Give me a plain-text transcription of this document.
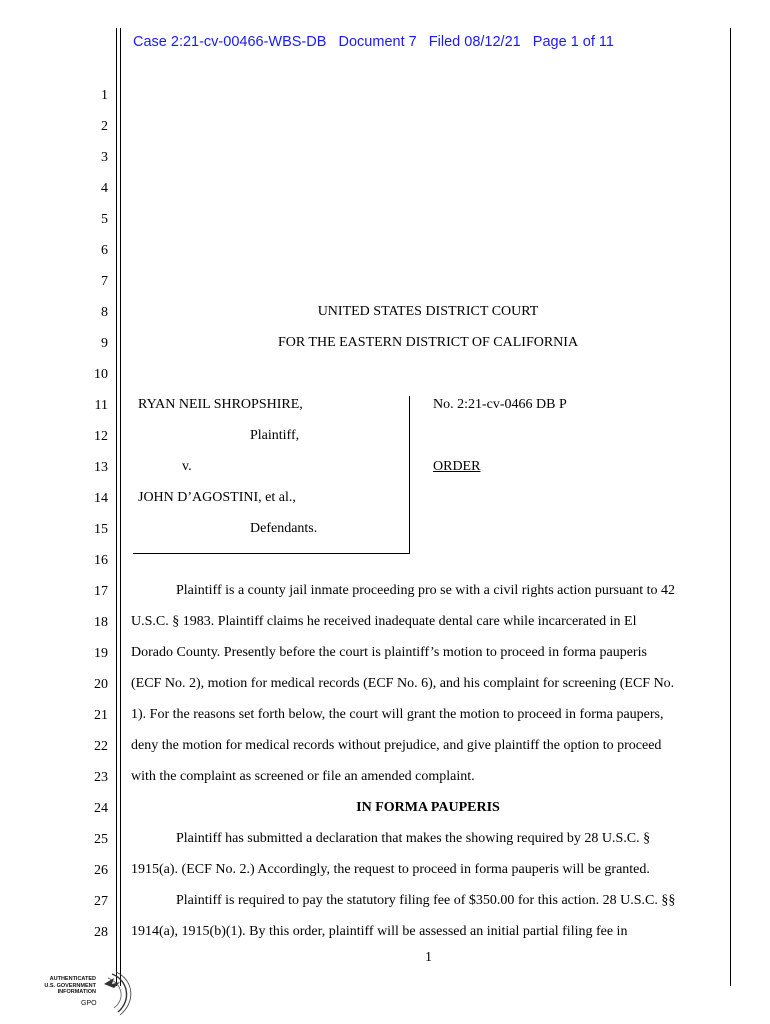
Case 2:21-cv-00466-WBS-DB Document 7 Filed 08/12/21 Page 1 of 11
1
2
3
4
5
6
7
8
9
10
11
12
13
14
15
16
17
18
19
20
21
22
23
24
25
26
27
28
UNITED STATES DISTRICT COURT
FOR THE EASTERN DISTRICT OF CALIFORNIA
RYAN NEIL SHROPSHIRE,
Plaintiff,
v.
JOHN D’AGOSTINI, et al.,
Defendants.
No. 2:21-cv-0466 DB P
ORDER
Plaintiff is a county jail inmate proceeding pro se with a civil rights action pursuant to 42
U.S.C. § 1983. Plaintiff claims he received inadequate dental care while incarcerated in El
Dorado County. Presently before the court is plaintiff’s motion to proceed in forma pauperis
(ECF No. 2), motion for medical records (ECF No. 6), and his complaint for screening (ECF No.
1). For the reasons set forth below, the court will grant the motion to proceed in forma paupers,
deny the motion for medical records without prejudice, and give plaintiff the option to proceed
with the complaint as screened or file an amended complaint.
IN FORMA PAUPERIS
Plaintiff has submitted a declaration that makes the showing required by 28 U.S.C. §
1915(a). (ECF No. 2.) Accordingly, the request to proceed in forma pauperis will be granted.
Plaintiff is required to pay the statutory filing fee of $350.00 for this action. 28 U.S.C. §§
1914(a), 1915(b)(1). By this order, plaintiff will be assessed an initial partial filing fee in
1
AUTHENTICATED
U.S. GOVERNMENT
INFORMATION
GPO
